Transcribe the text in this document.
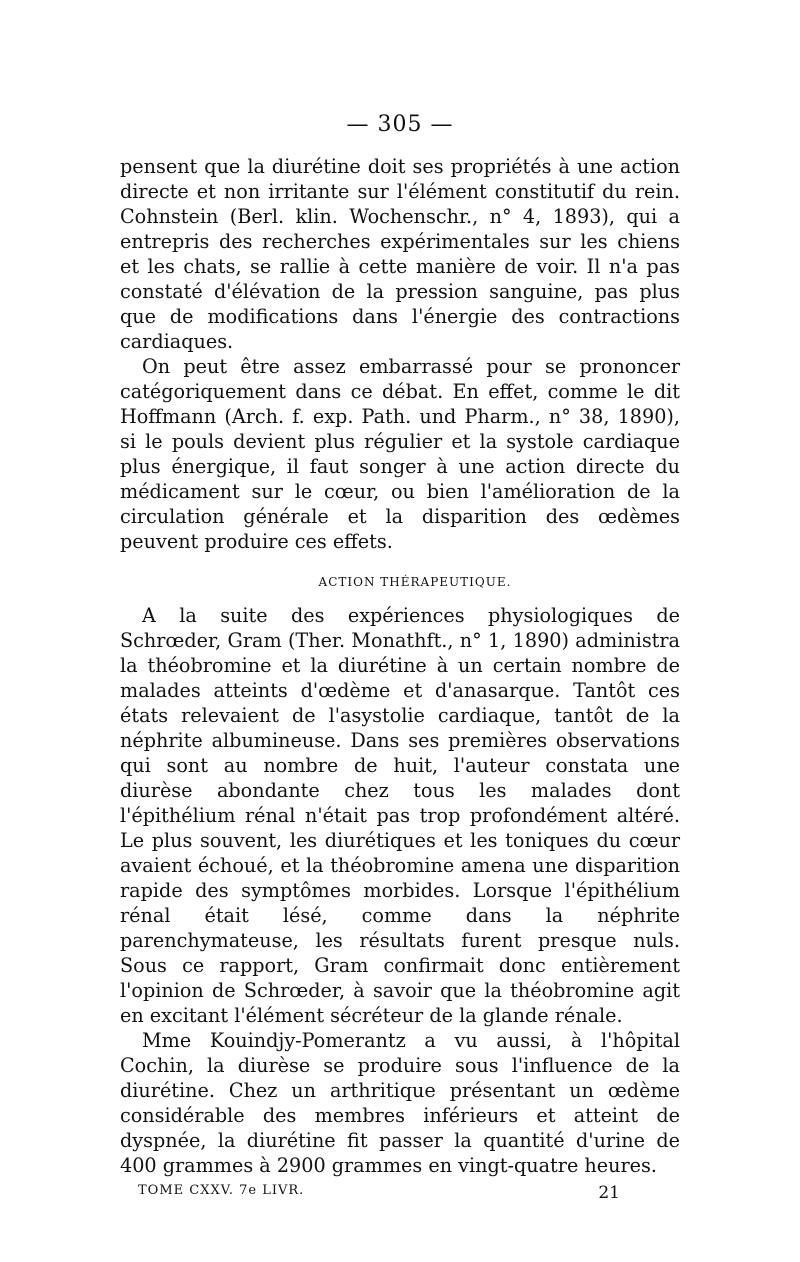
— 305 —

pensent que la diurétine doit ses propriétés à une action directe et non irritante sur l'élément constitutif du rein. Cohnstein (Berl. klin. Wochenschr., n° 4, 1893), qui a entrepris des recherches expérimentales sur les chiens et les chats, se rallie à cette manière de voir. Il n'a pas constaté d'élévation de la pression sanguine, pas plus que de modifications dans l'énergie des contractions cardiaques.

On peut être assez embarrassé pour se prononcer catégoriquement dans ce débat. En effet, comme le dit Hoffmann (Arch. f. exp. Path. und Pharm., n° 38, 1890), si le pouls devient plus régulier et la systole cardiaque plus énergique, il faut songer à une action directe du médicament sur le cœur, ou bien l'amélioration de la circulation générale et la disparition des œdèmes peuvent produire ces effets.

ACTION THÉRAPEUTIQUE.

A la suite des expériences physiologiques de Schrœder, Gram (Ther. Monathft., n° 1, 1890) administra la théobromine et la diurétine à un certain nombre de malades atteints d'œdème et d'anasarque. Tantôt ces états relevaient de l'asystolie cardiaque, tantôt de la néphrite albumineuse. Dans ses premières observations qui sont au nombre de huit, l'auteur constata une diurèse abondante chez tous les malades dont l'épithélium rénal n'était pas trop profondément altéré. Le plus souvent, les diurétiques et les toniques du cœur avaient échoué, et la théobromine amena une disparition rapide des symptômes morbides. Lorsque l'épithélium rénal était lésé, comme dans la néphrite parenchymateuse, les résultats furent presque nuls. Sous ce rapport, Gram confirmait donc entièrement l'opinion de Schrœder, à savoir que la théobromine agit en excitant l'élément sécréteur de la glande rénale.

Mme Kouindjy-Pomerantz a vu aussi, à l'hôpital Cochin, la diurèse se produire sous l'influence de la diurétine. Chez un arthritique présentant un œdème considérable des membres inférieurs et atteint de dyspnée, la diurétine fit passer la quantité d'urine de 400 grammes à 2900 grammes en vingt-quatre heures.

TOME CXXV. 7e LIVR.	21
